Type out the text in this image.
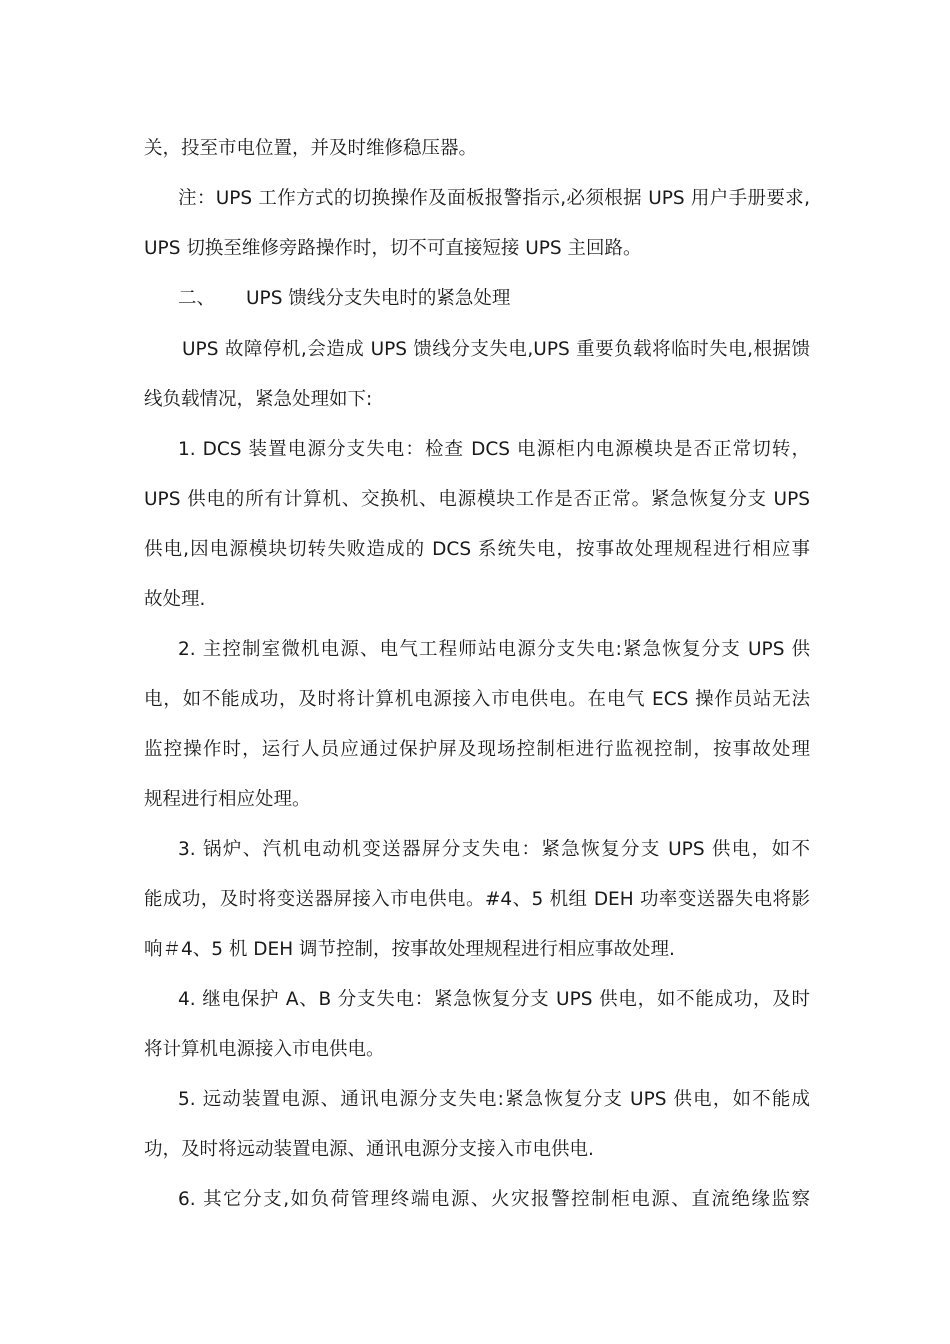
关，投至市电位置，并及时维修稳压器。
注：UPS 工作方式的切换操作及面板报警指示,必须根据 UPS 用户手册要求,
UPS 切换至维修旁路操作时，切不可直接短接 UPS 主回路。
二、 UPS 馈线分支失电时的紧急处理
UPS 故障停机,会造成 UPS 馈线分支失电,UPS 重要负载将临时失电,根据馈
线负载情况，紧急处理如下:
1. DCS 装置电源分支失电：检查 DCS 电源柜内电源模块是否正常切转，
UPS 供电的所有计算机、交换机、电源模块工作是否正常。紧急恢复分支 UPS
供电,因电源模块切转失败造成的 DCS 系统失电，按事故处理规程进行相应事
故处理.
2. 主控制室微机电源、电气工程师站电源分支失电:紧急恢复分支 UPS 供
电，如不能成功，及时将计算机电源接入市电供电。在电气 ECS 操作员站无法
监控操作时，运行人员应通过保护屏及现场控制柜进行监视控制，按事故处理
规程进行相应处理。
3. 锅炉、汽机电动机变送器屏分支失电：紧急恢复分支 UPS 供电，如不
能成功，及时将变送器屏接入市电供电。#4、5 机组 DEH 功率变送器失电将影
响＃4、5 机 DEH 调节控制，按事故处理规程进行相应事故处理.
4. 继电保护 A、B 分支失电：紧急恢复分支 UPS 供电，如不能成功，及时
将计算机电源接入市电供电。
5. 远动装置电源、通讯电源分支失电:紧急恢复分支 UPS 供电，如不能成
功，及时将远动装置电源、通讯电源分支接入市电供电.
6. 其它分支,如负荷管理终端电源、火灾报警控制柜电源、直流绝缘监察
